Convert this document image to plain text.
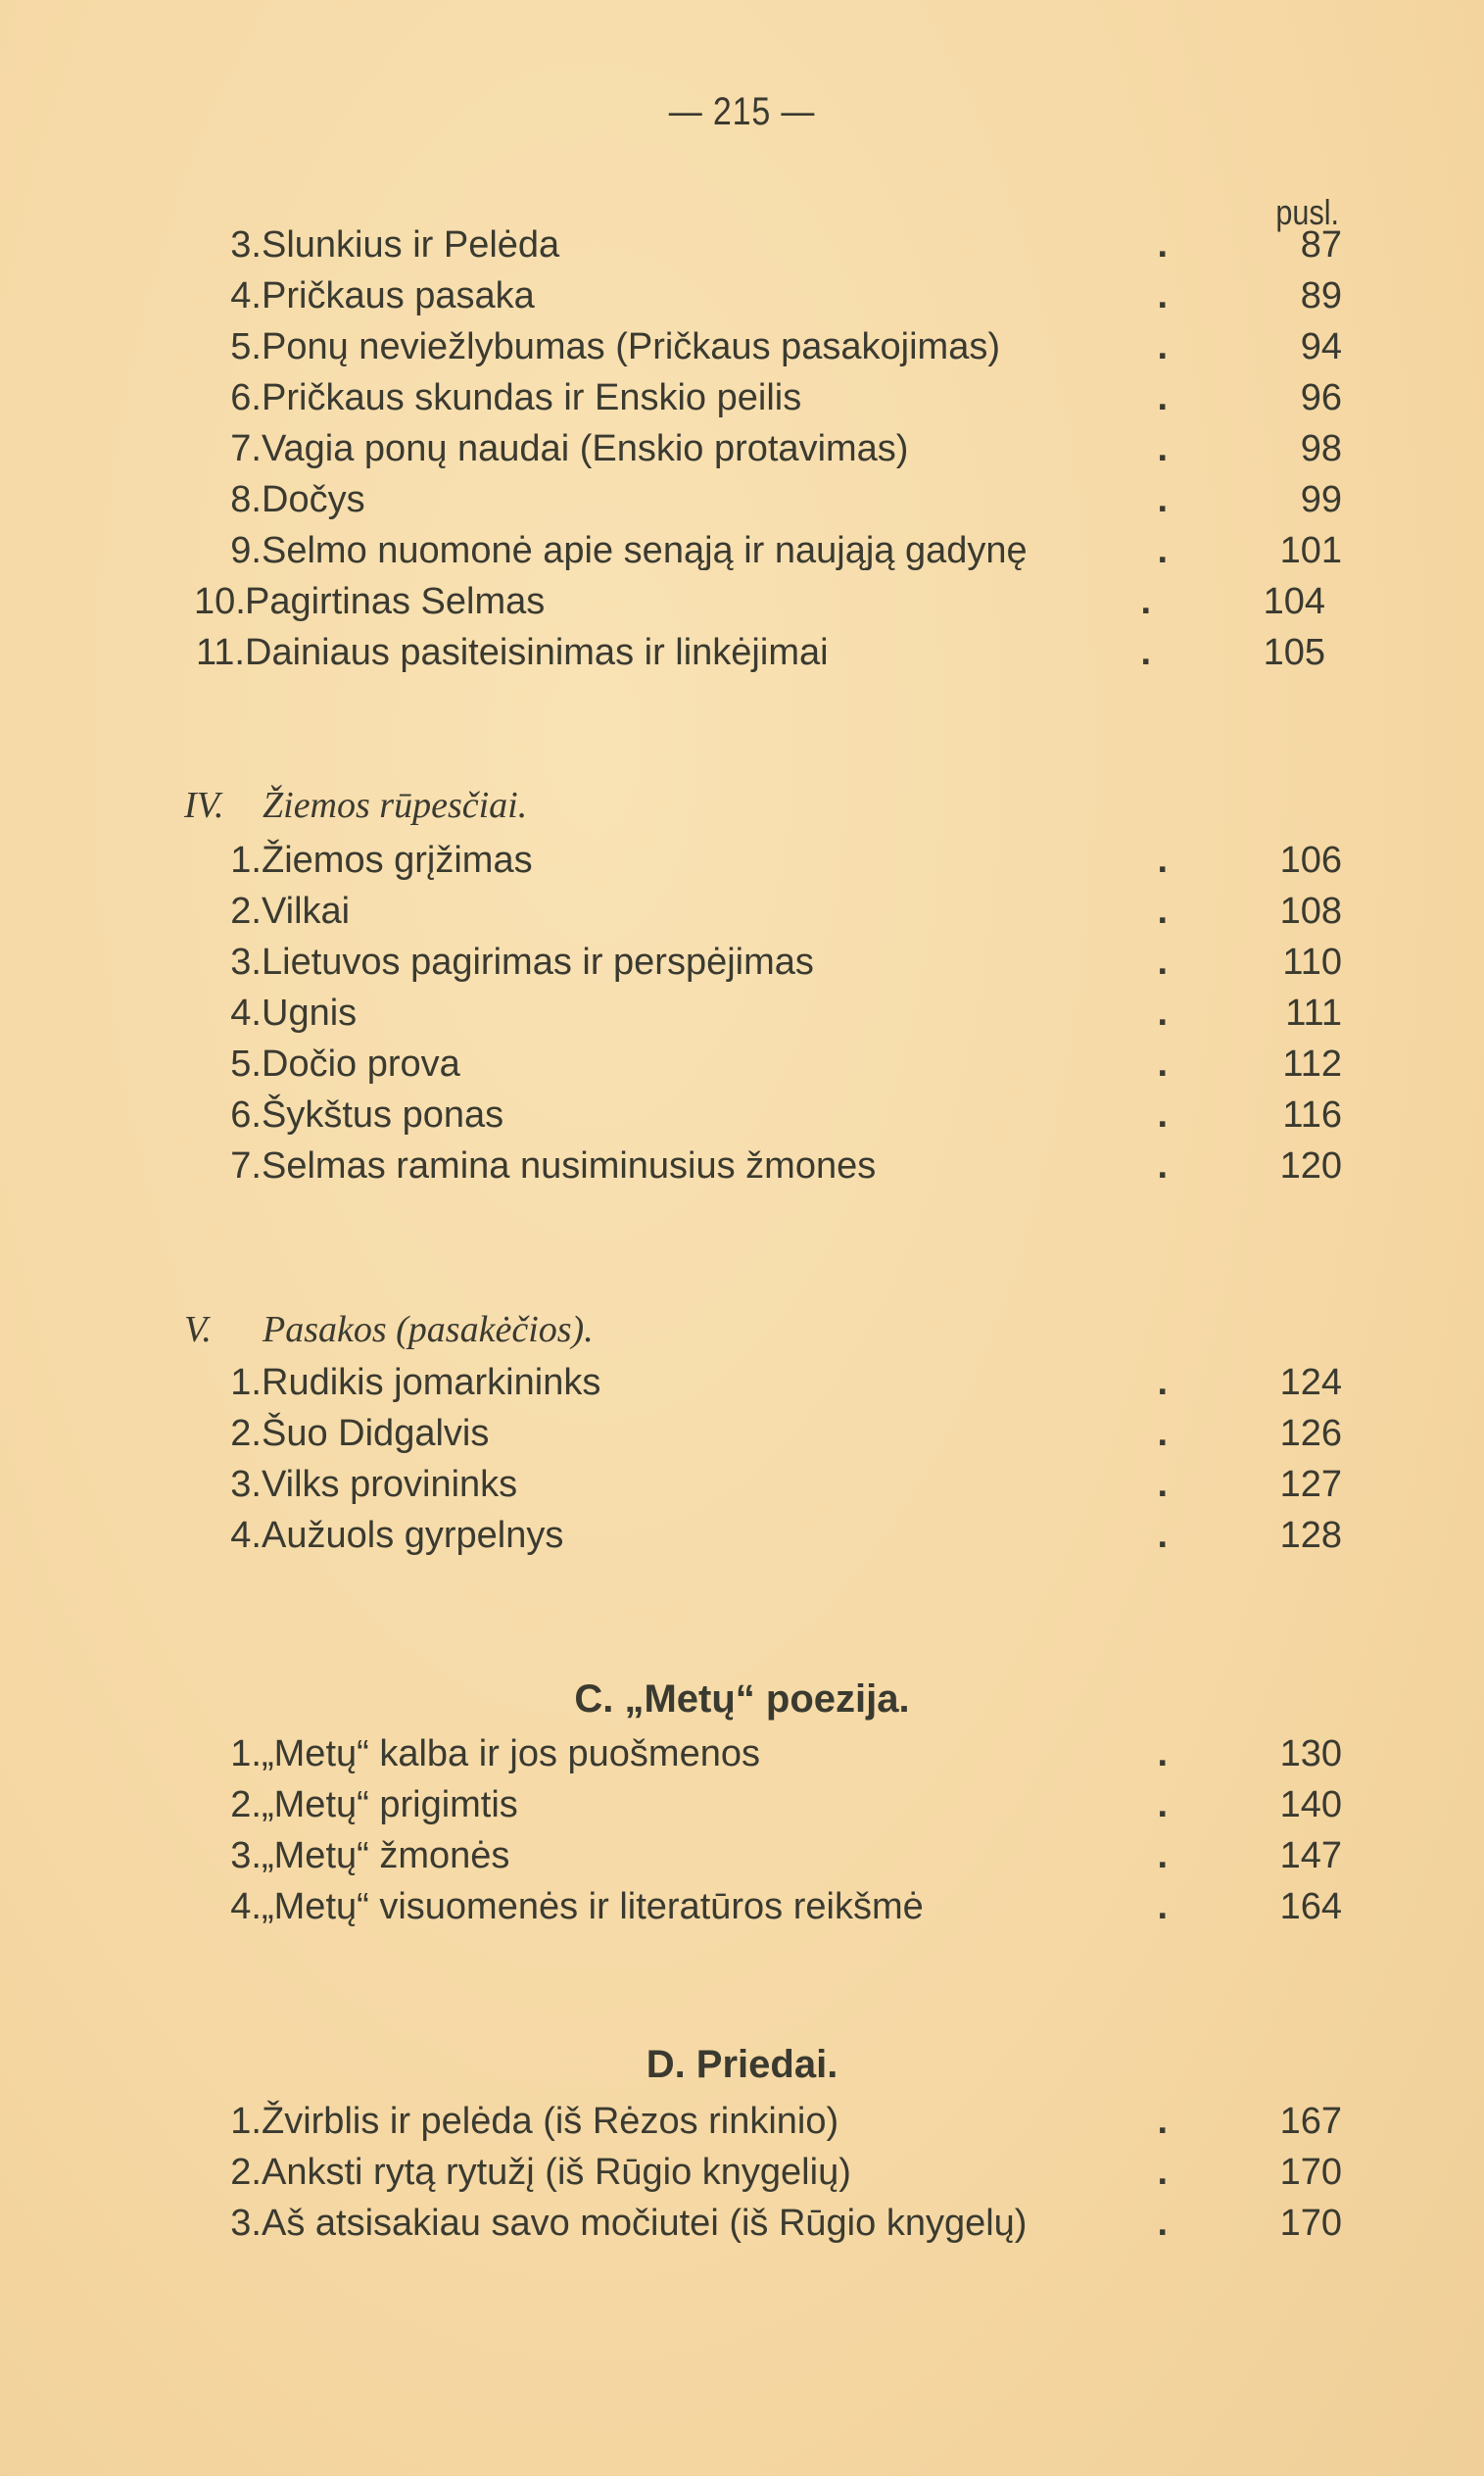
— 215 —
pusl.
3.Slunkius ir Pelėda	.	87
4.Pričkaus pasaka	.	89
5.Ponų neviežlybumas (Pričkaus pasakojimas)	.	94
6.Pričkaus skundas ir Enskio peilis	.	96
7.Vagia ponų naudai (Enskio protavimas)	.	98
8.Dočys	.	99
9.Selmo nuomonė apie senąją ir naująją gadynę	.	101
10.Pagirtinas Selmas	.	104
11.Dainiaus pasiteisinimas ir linkėjimai	.	105
IV. Žiemos rūpesčiai.
1.Žiemos grįžimas	.	106
2.Vilkai	.	108
3.Lietuvos pagirimas ir perspėjimas	.	110
4.Ugnis	.	111
5.Dočio prova	.	112
6.Šykštus ponas	.	116
7.Selmas ramina nusiminusius žmones	.	120
V. Pasakos (pasakėčios).
1.Rudikis jomarkininks	.	124
2.Šuo Didgalvis	.	126
3.Vilks provininks	.	127
4.Aužuols gyrpelnys	.	128
C. „Metų“ poezija.
1.„Metų“ kalba ir jos puošmenos	.	130
2.„Metų“ prigimtis	.	140
3.„Metų“ žmonės	.	147
4.„Metų“ visuomenės ir literatūros reikšmė	.	164
D. Priedai.
1.Žvirblis ir pelėda (iš Rėzos rinkinio)	.	167
2.Anksti rytą rytužį (iš Rūgio knygelių)	.	170
3.Aš atsisakiau savo močiutei (iš Rūgio knygelų)	.	170
